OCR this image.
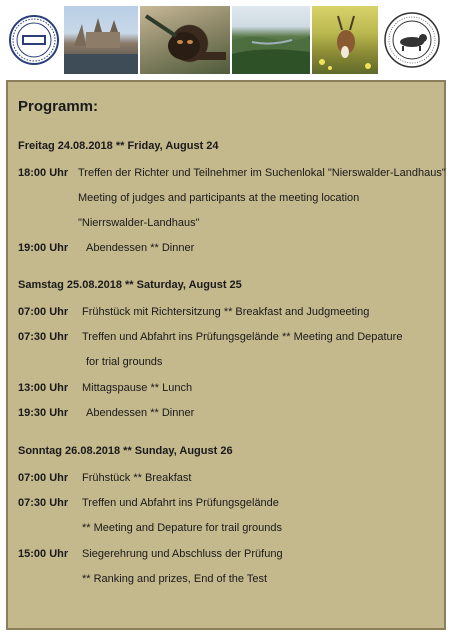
Programm:
Freitag 24.08.2018 ** Friday, August 24
18:00 Uhr Treffen der Richter und Teilnehmer im Suchenlokal "Nierswalder-Landhaus"
Meeting of judges and participants at the meeting location
"Nierrswalder-Landhaus"
19:00 Uhr Abendessen ** Dinner
Samstag 25.08.2018 ** Saturday, August 25
07:00 Uhr Frühstück mit Richtersitzung ** Breakfast and Judgmeeting
07:30 Uhr Treffen und Abfahrt ins Prüfungsgelände ** Meeting and Depature
for trial grounds
13:00 Uhr Mittagspause ** Lunch
19:30 Uhr Abendessen ** Dinner
Sonntag 26.08.2018 ** Sunday, August 26
07:00 Uhr Frühstück ** Breakfast
07:30 Uhr Treffen und Abfahrt ins Prüfungsgelände
** Meeting and Depature for trail grounds
15:00 Uhr Siegerehrung und Abschluss der Prüfung
** Ranking and prizes, End of the Test
